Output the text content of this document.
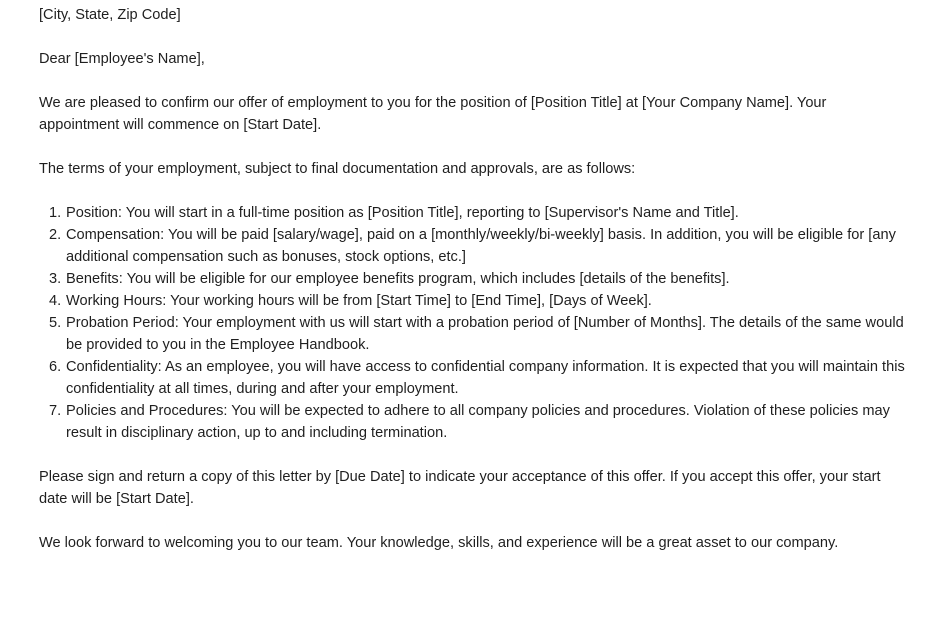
[City, State, Zip Code]

Dear [Employee's Name],

We are pleased to confirm our offer of employment to you for the position of [Position Title] at [Your Company Name]. Your appointment will commence on [Start Date].

The terms of your employment, subject to final documentation and approvals, are as follows:

1. Position: You will start in a full-time position as [Position Title], reporting to [Supervisor's Name and Title].
2. Compensation: You will be paid [salary/wage], paid on a [monthly/weekly/bi-weekly] basis. In addition, you will be eligible for [any additional compensation such as bonuses, stock options, etc.]
3. Benefits: You will be eligible for our employee benefits program, which includes [details of the benefits].
4. Working Hours: Your working hours will be from [Start Time] to [End Time], [Days of Week].
5. Probation Period: Your employment with us will start with a probation period of [Number of Months]. The details of the same would be provided to you in the Employee Handbook.
6. Confidentiality: As an employee, you will have access to confidential company information. It is expected that you will maintain this confidentiality at all times, during and after your employment.
7. Policies and Procedures: You will be expected to adhere to all company policies and procedures. Violation of these policies may result in disciplinary action, up to and including termination.

Please sign and return a copy of this letter by [Due Date] to indicate your acceptance of this offer. If you accept this offer, your start date will be [Start Date].

We look forward to welcoming you to our team. Your knowledge, skills, and experience will be a great asset to our company.
